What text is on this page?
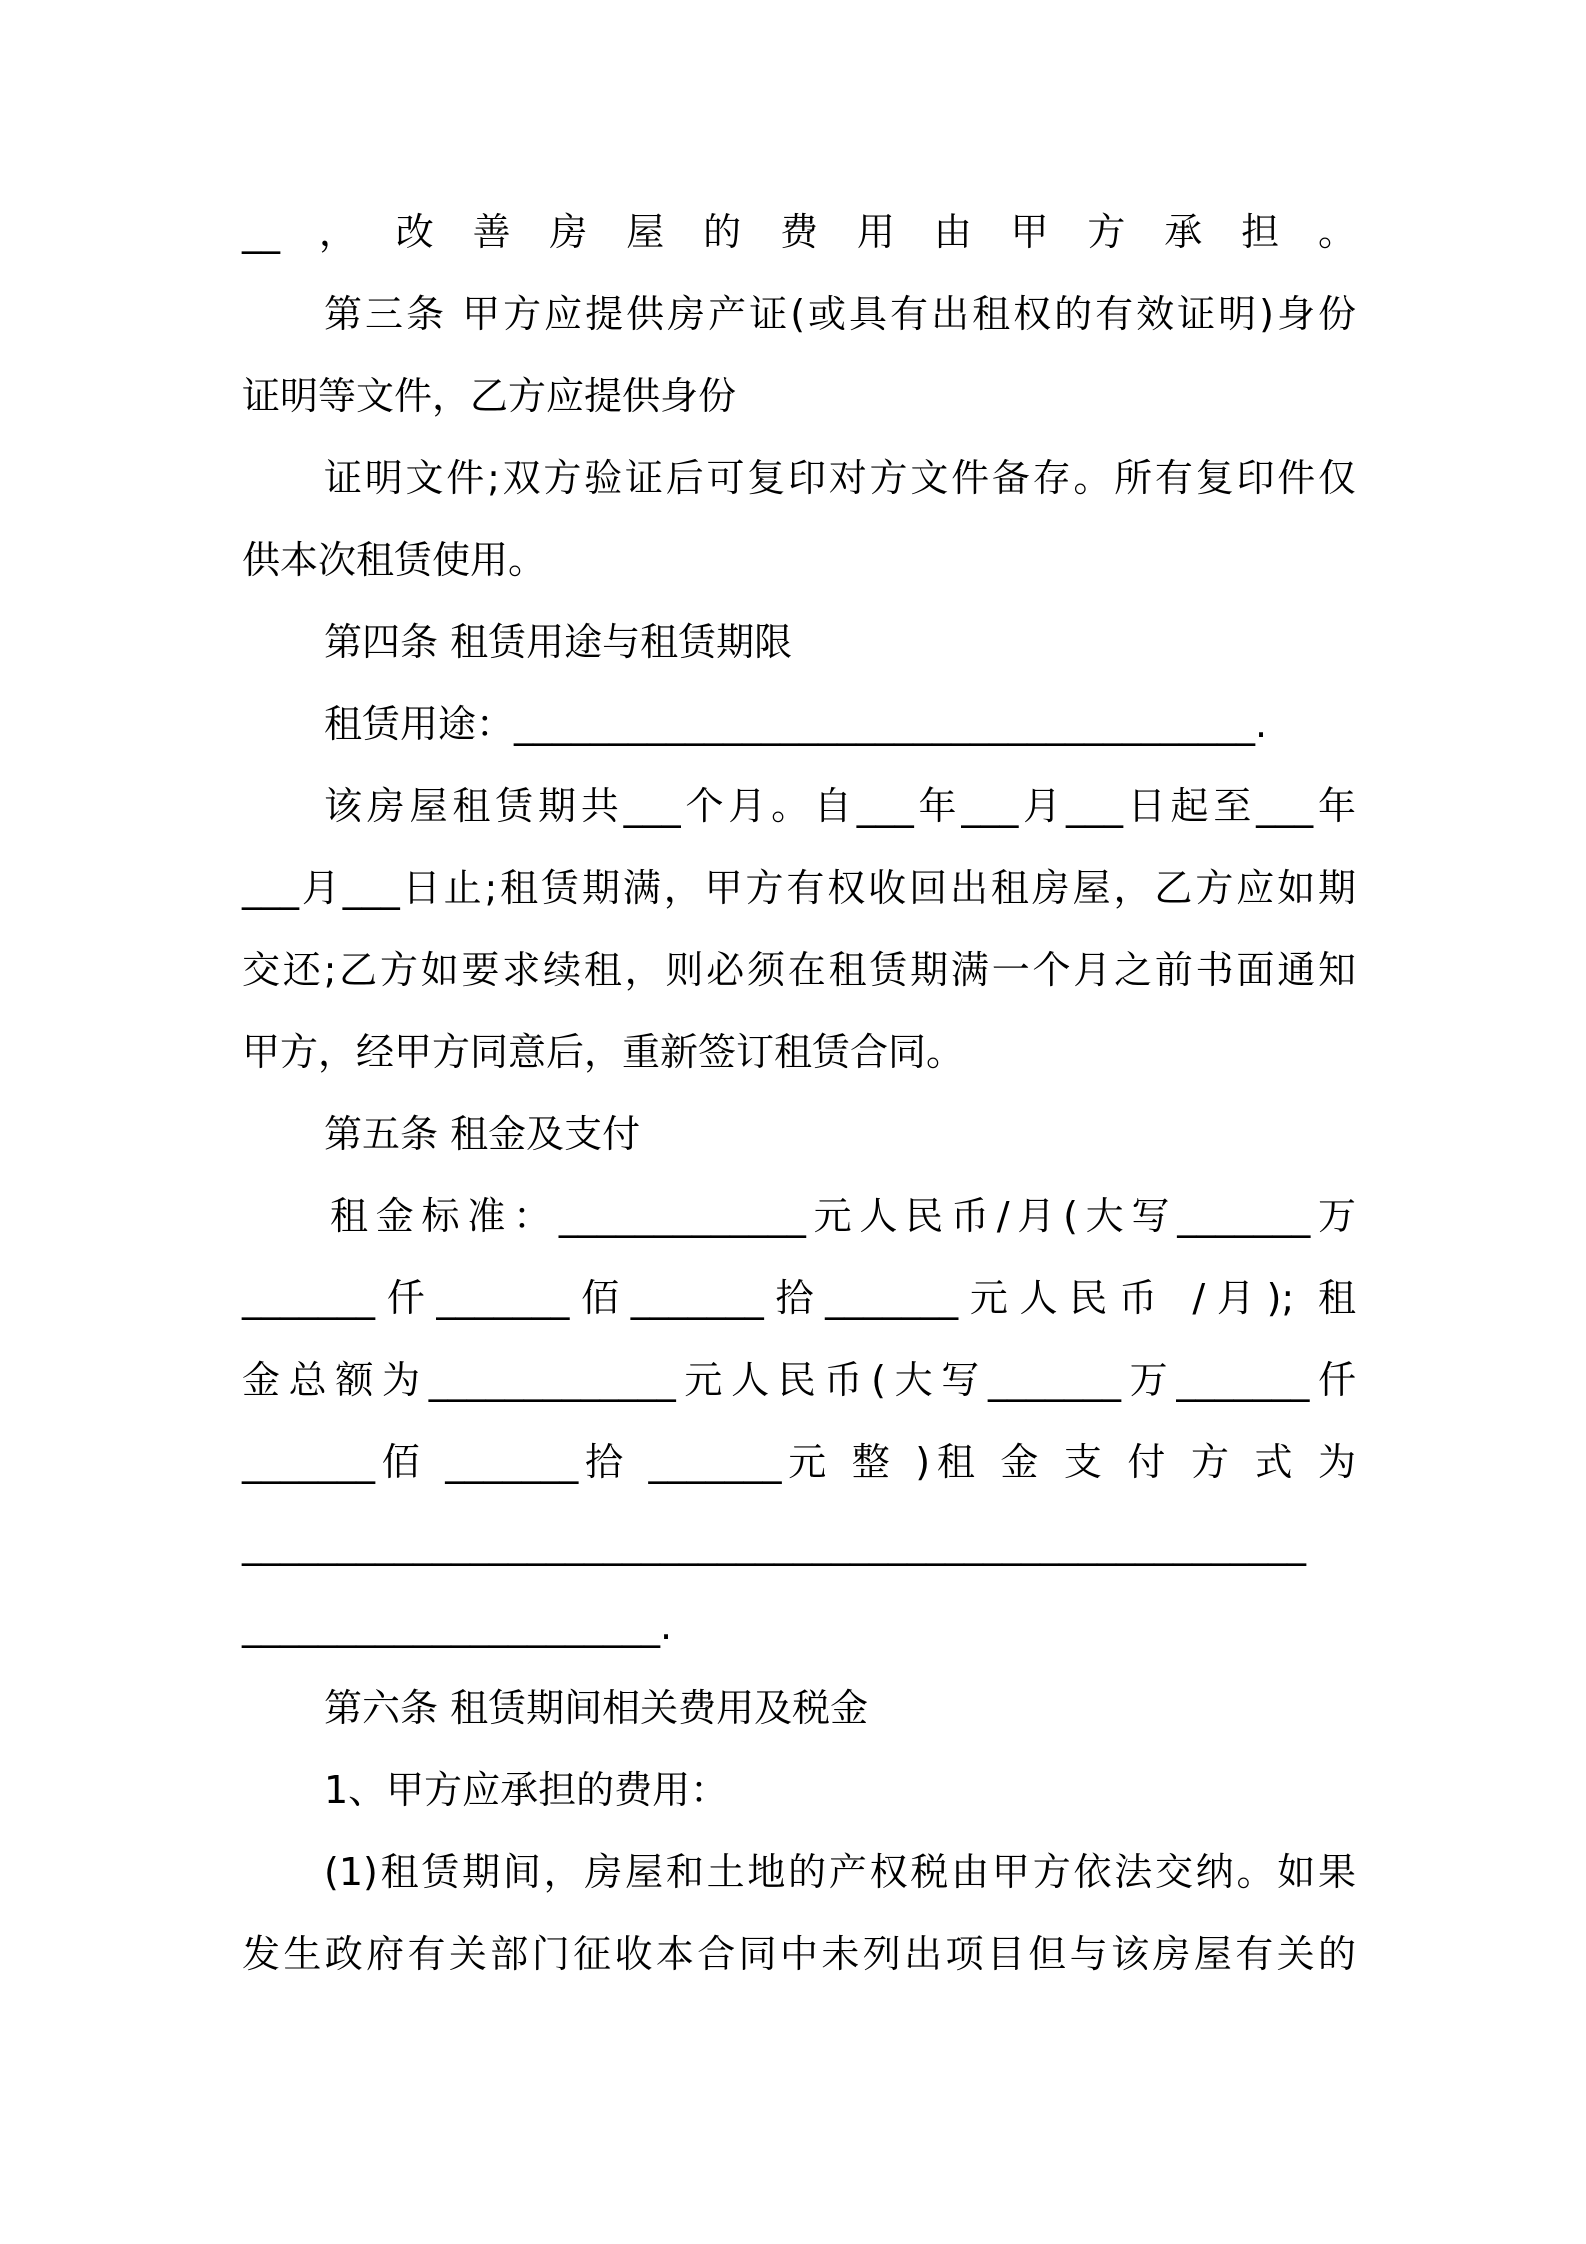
__，改善房屋的费用由甲方承担。
第三条 甲方应提供房产证(或具有出租权的有效证明)身份
证明等文件，乙方应提供身份
证明文件;双方验证后可复印对方文件备存。所有复印件仅
供本次租赁使用。
第四条 租赁用途与租赁期限
租赁用途：_______________________________________.
该房屋租赁期共___个月。自___年___月___日起至___年
___月___日止;租赁期满，甲方有权收回出租房屋，乙方应如期
交还;乙方如要求续租，则必须在租赁期满一个月之前书面通知
甲方，经甲方同意后，重新签订租赁合同。
第五条 租金及支付
租金标准：_____________元人民币/月(大写_______万
_______仟_______佰_______拾_______元人民币 /月); 租
金总额为_____________元人民币(大写_______万_______仟
_______佰 _______拾 _______元 整 )租 金 支 付 方 式 为
________________________________________________________
______________________.
第六条 租赁期间相关费用及税金
1、甲方应承担的费用：
(1)租赁期间，房屋和土地的产权税由甲方依法交纳。如果
发生政府有关部门征收本合同中未列出项目但与该房屋有关的
